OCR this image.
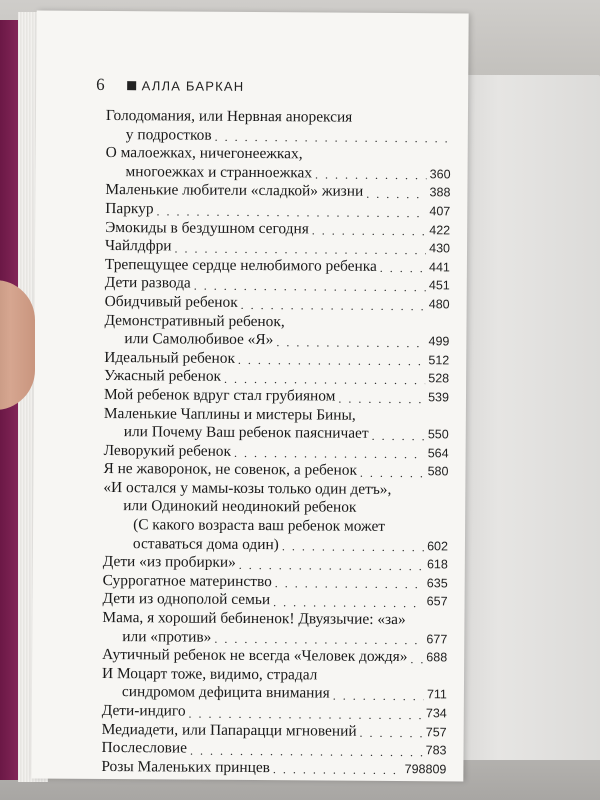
6	АЛЛА БАРКАН
Голодомания, или Нервная анорексия
у подростков
. . .
О малоежках, ничегонеежках,
многоежках и странноежках . . .	360
Маленькие любители «сладкой» жизни . . .	388
Паркур . . .	407
Эмокиды в бездушном сегодня . . .	422
Чайлдфри . . .	430
Трепещущее сердце нелюбимого ребенка . . .	441
Дети развода . . .	451
Обидчивый ребенок . . .	480
Демонстративный ребенок,
или Самолюбивое «Я» . . .	499
Идеальный ребенок . . .	512
Ужасный ребенок . . .	528
Мой ребенок вдруг стал грубияном . . .	539
Маленькие Чаплины и мистеры Бины,
или Почему Ваш ребенок паясничает . . .	550
Леворукий ребенок . . .	564
Я не жаворонок, не совенок, а ребенок . . .	580
«И остался у мамы-козы только один детъ»,
или Одинокий неодинокий ребенок
(С какого возраста ваш ребенок может
оставаться дома один) . . .	602
Дети «из пробирки» . . .	618
Суррогатное материнство . . .	635
Дети из однополой семьи . . .	657
Мама, я хороший бебиненок! Двуязычие: «за»
или «против» . . .	677
Аутичный ребенок не всегда «Человек дождя» . . . 688
И Моцарт тоже, видимо, страдал
синдромом дефицита внимания . . .	711
Дети-индиго . . .	734
Медиадети, или Папарацци мгновений . . .	757
Послесловие . . .	783
Розы Маленьких принцев . . .	798 809
